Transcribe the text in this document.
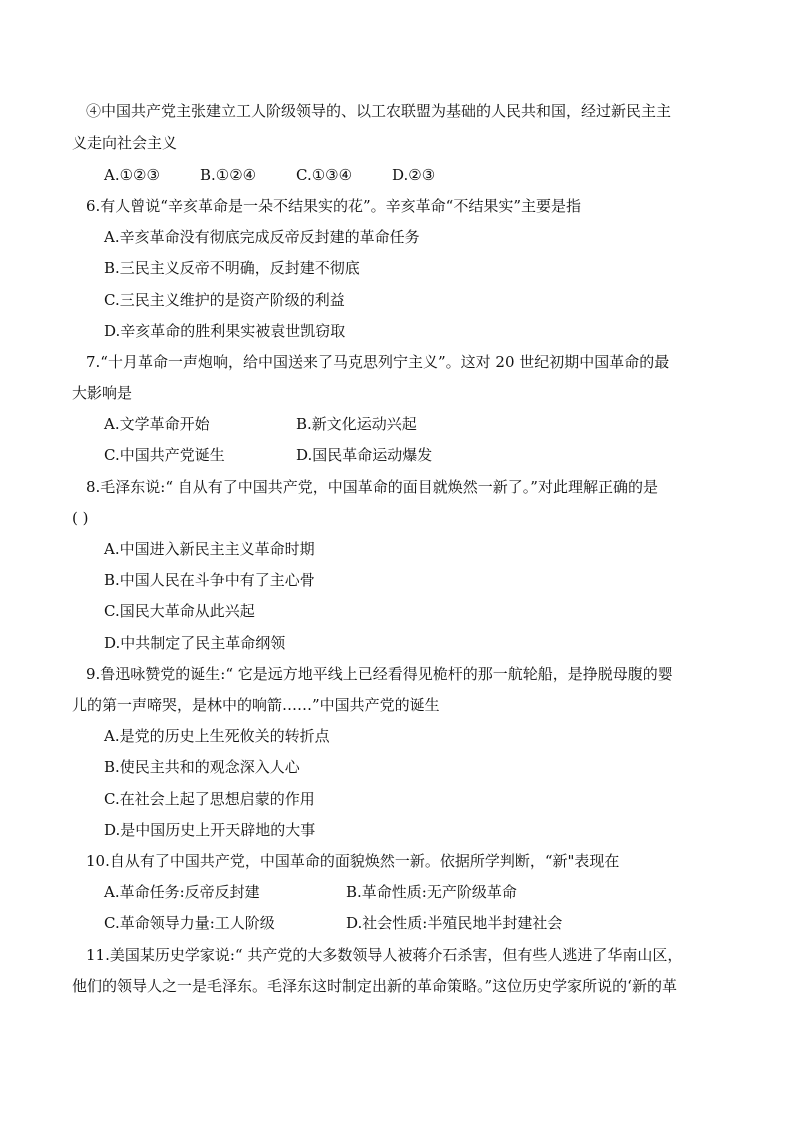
④中国共产党主张建立工人阶级领导的、以工农联盟为基础的人民共和国，经过新民主主
义走向社会主义
A.①②③	B.①②④	C.①③④	D.②③
6.有人曾说“辛亥革命是一朵不结果实的花”。辛亥革命“不结果实”主要是指
A.辛亥革命没有彻底完成反帝反封建的革命任务
B.三民主义反帝不明确，反封建不彻底
C.三民主义维护的是资产阶级的利益
D.辛亥革命的胜利果实被袁世凯窃取
7.“十月革命一声炮响，给中国送来了马克思列宁主义”。这对 20 世纪初期中国革命的最
大影响是
A.文学革命开始	B.新文化运动兴起
C.中国共产党诞生	D.国民革命运动爆发
8.毛泽东说:“ 自从有了中国共产党，中国革命的面目就焕然一新了。”对此理解正确的是
( )
A.中国进入新民主主义革命时期
B.中国人民在斗争中有了主心骨
C.国民大革命从此兴起
D.中共制定了民主革命纲领
9.鲁迅咏赞党的诞生:“ 它是远方地平线上已经看得见桅杆的那一航轮船，是挣脱母腹的婴
儿的第一声啼哭，是林中的响箭……”中国共产党的诞生
A.是党的历史上生死攸关的转折点
B.使民主共和的观念深入人心
C.在社会上起了思想启蒙的作用
D.是中国历史上开天辟地的大事
10.自从有了中国共产党，中国革命的面貌焕然一新。依据所学判断，“新"表现在
A.革命任务:反帝反封建	B.革命性质:无产阶级革命
C.革命领导力量:工人阶级	D.社会性质:半殖民地半封建社会
11.美国某历史学家说:“ 共产党的大多数领导人被蒋介石杀害，但有些人逃进了华南山区，
他们的领导人之一是毛泽东。毛泽东这时制定出新的革命策略。”这位历史学家所说的‘新的革
